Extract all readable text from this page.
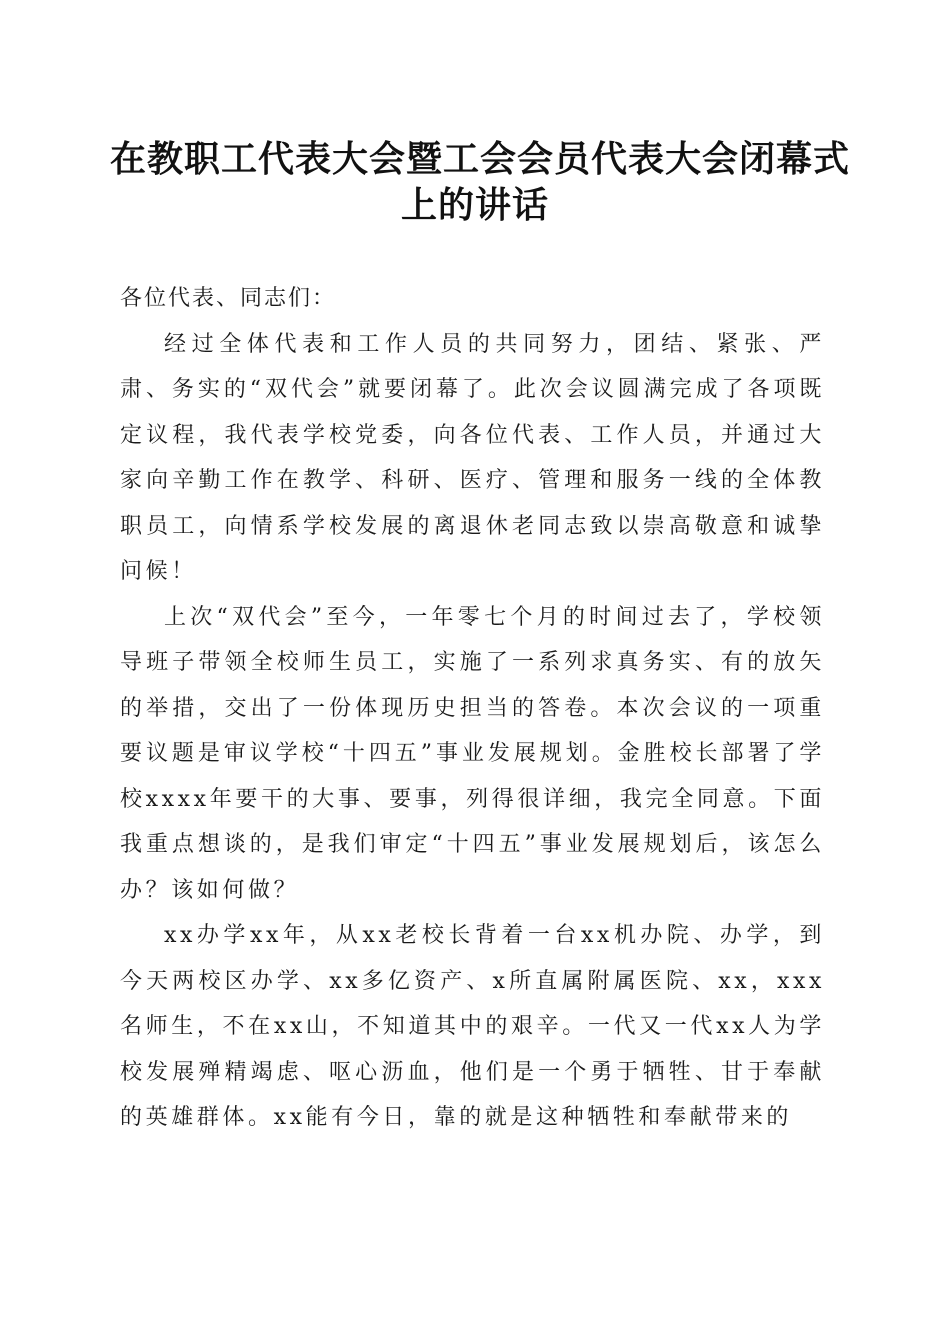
在教职工代表大会暨工会会员代表大会闭幕式
上的讲话

各位代表、同志们：

经过全体代表和工作人员的共同努力，团结、紧张、严肃、务实的“双代会”就要闭幕了。此次会议圆满完成了各项既定议程，我代表学校党委，向各位代表、工作人员，并通过大家向辛勤工作在教学、科研、医疗、管理和服务一线的全体教职员工，向情系学校发展的离退休老同志致以崇高敬意和诚挚问候！

上次“双代会”至今，一年零七个月的时间过去了，学校领导班子带领全校师生员工，实施了一系列求真务实、有的放矢的举措，交出了一份体现历史担当的答卷。本次会议的一项重要议题是审议学校“十四五”事业发展规划。金胜校长部署了学校xxxx年要干的大事、要事，列得很详细，我完全同意。下面我重点想谈的，是我们审定“十四五”事业发展规划后，该怎么办？该如何做？

xx办学xx年，从xx老校长背着一台xx机办院、办学，到今天两校区办学、xx多亿资产、x所直属附属医院、xx，xxx名师生，不在xx山，不知道其中的艰辛。一代又一代xx人为学校发展殚精竭虑、呕心沥血，他们是一个勇于牺牲、甘于奉献的英雄群体。xx能有今日，靠的就是这种牺牲和奉献带来的
